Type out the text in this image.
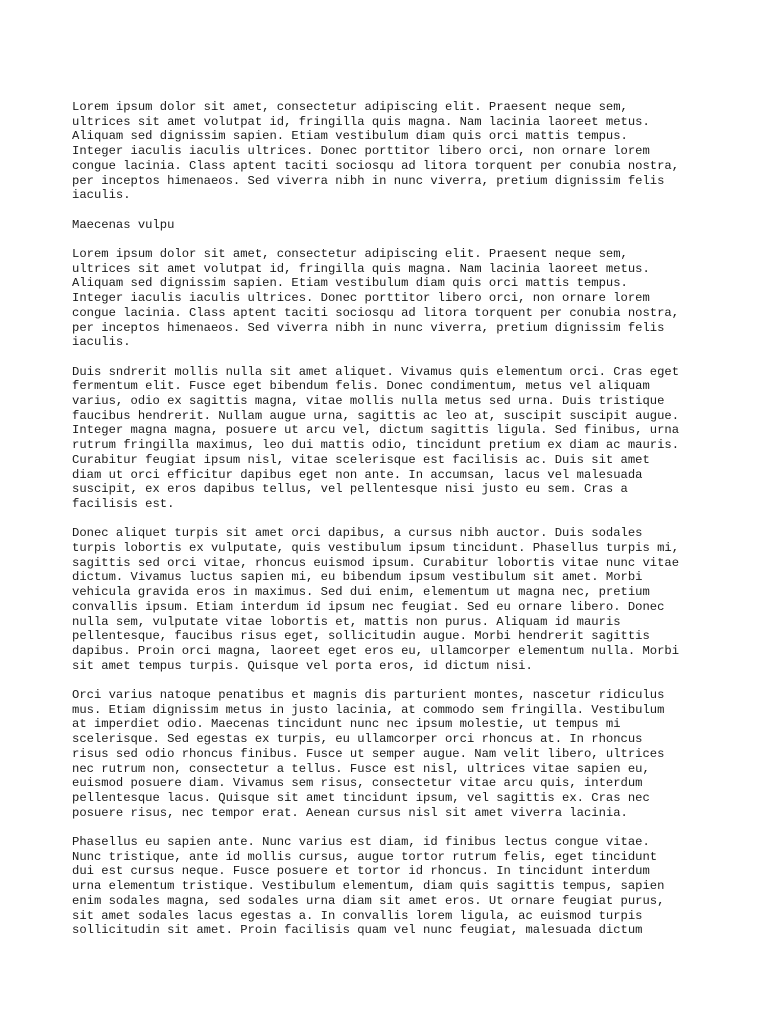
Lorem ipsum dolor sit amet, consectetur adipiscing elit. Praesent neque sem,
ultrices sit amet volutpat id, fringilla quis magna. Nam lacinia laoreet metus.
Aliquam sed dignissim sapien. Etiam vestibulum diam quis orci mattis tempus.
Integer iaculis iaculis ultrices. Donec porttitor libero orci, non ornare lorem
congue lacinia. Class aptent taciti sociosqu ad litora torquent per conubia nostra,
per inceptos himenaeos. Sed viverra nibh in nunc viverra, pretium dignissim felis
iaculis.

Maecenas vulpu

Lorem ipsum dolor sit amet, consectetur adipiscing elit. Praesent neque sem,
ultrices sit amet volutpat id, fringilla quis magna. Nam lacinia laoreet metus.
Aliquam sed dignissim sapien. Etiam vestibulum diam quis orci mattis tempus.
Integer iaculis iaculis ultrices. Donec porttitor libero orci, non ornare lorem
congue lacinia. Class aptent taciti sociosqu ad litora torquent per conubia nostra,
per inceptos himenaeos. Sed viverra nibh in nunc viverra, pretium dignissim felis
iaculis.

Duis sndrerit mollis nulla sit amet aliquet. Vivamus quis elementum orci. Cras eget
fermentum elit. Fusce eget bibendum felis. Donec condimentum, metus vel aliquam
varius, odio ex sagittis magna, vitae mollis nulla metus sed urna. Duis tristique
faucibus hendrerit. Nullam augue urna, sagittis ac leo at, suscipit suscipit augue.
Integer magna magna, posuere ut arcu vel, dictum sagittis ligula. Sed finibus, urna
rutrum fringilla maximus, leo dui mattis odio, tincidunt pretium ex diam ac mauris.
Curabitur feugiat ipsum nisl, vitae scelerisque est facilisis ac. Duis sit amet
diam ut orci efficitur dapibus eget non ante. In accumsan, lacus vel malesuada
suscipit, ex eros dapibus tellus, vel pellentesque nisi justo eu sem. Cras a
facilisis est.

Donec aliquet turpis sit amet orci dapibus, a cursus nibh auctor. Duis sodales
turpis lobortis ex vulputate, quis vestibulum ipsum tincidunt. Phasellus turpis mi,
sagittis sed orci vitae, rhoncus euismod ipsum. Curabitur lobortis vitae nunc vitae
dictum. Vivamus luctus sapien mi, eu bibendum ipsum vestibulum sit amet. Morbi
vehicula gravida eros in maximus. Sed dui enim, elementum ut magna nec, pretium
convallis ipsum. Etiam interdum id ipsum nec feugiat. Sed eu ornare libero. Donec
nulla sem, vulputate vitae lobortis et, mattis non purus. Aliquam id mauris
pellentesque, faucibus risus eget, sollicitudin augue. Morbi hendrerit sagittis
dapibus. Proin orci magna, laoreet eget eros eu, ullamcorper elementum nulla. Morbi
sit amet tempus turpis. Quisque vel porta eros, id dictum nisi.

Orci varius natoque penatibus et magnis dis parturient montes, nascetur ridiculus
mus. Etiam dignissim metus in justo lacinia, at commodo sem fringilla. Vestibulum
at imperdiet odio. Maecenas tincidunt nunc nec ipsum molestie, ut tempus mi
scelerisque. Sed egestas ex turpis, eu ullamcorper orci rhoncus at. In rhoncus
risus sed odio rhoncus finibus. Fusce ut semper augue. Nam velit libero, ultrices
nec rutrum non, consectetur a tellus. Fusce est nisl, ultrices vitae sapien eu,
euismod posuere diam. Vivamus sem risus, consectetur vitae arcu quis, interdum
pellentesque lacus. Quisque sit amet tincidunt ipsum, vel sagittis ex. Cras nec
posuere risus, nec tempor erat. Aenean cursus nisl sit amet viverra lacinia.

Phasellus eu sapien ante. Nunc varius est diam, id finibus lectus congue vitae.
Nunc tristique, ante id mollis cursus, augue tortor rutrum felis, eget tincidunt
dui est cursus neque. Fusce posuere et tortor id rhoncus. In tincidunt interdum
urna elementum tristique. Vestibulum elementum, diam quis sagittis tempus, sapien
enim sodales magna, sed sodales urna diam sit amet eros. Ut ornare feugiat purus,
sit amet sodales lacus egestas a. In convallis lorem ligula, ac euismod turpis
sollicitudin sit amet. Proin facilisis quam vel nunc feugiat, malesuada dictum
